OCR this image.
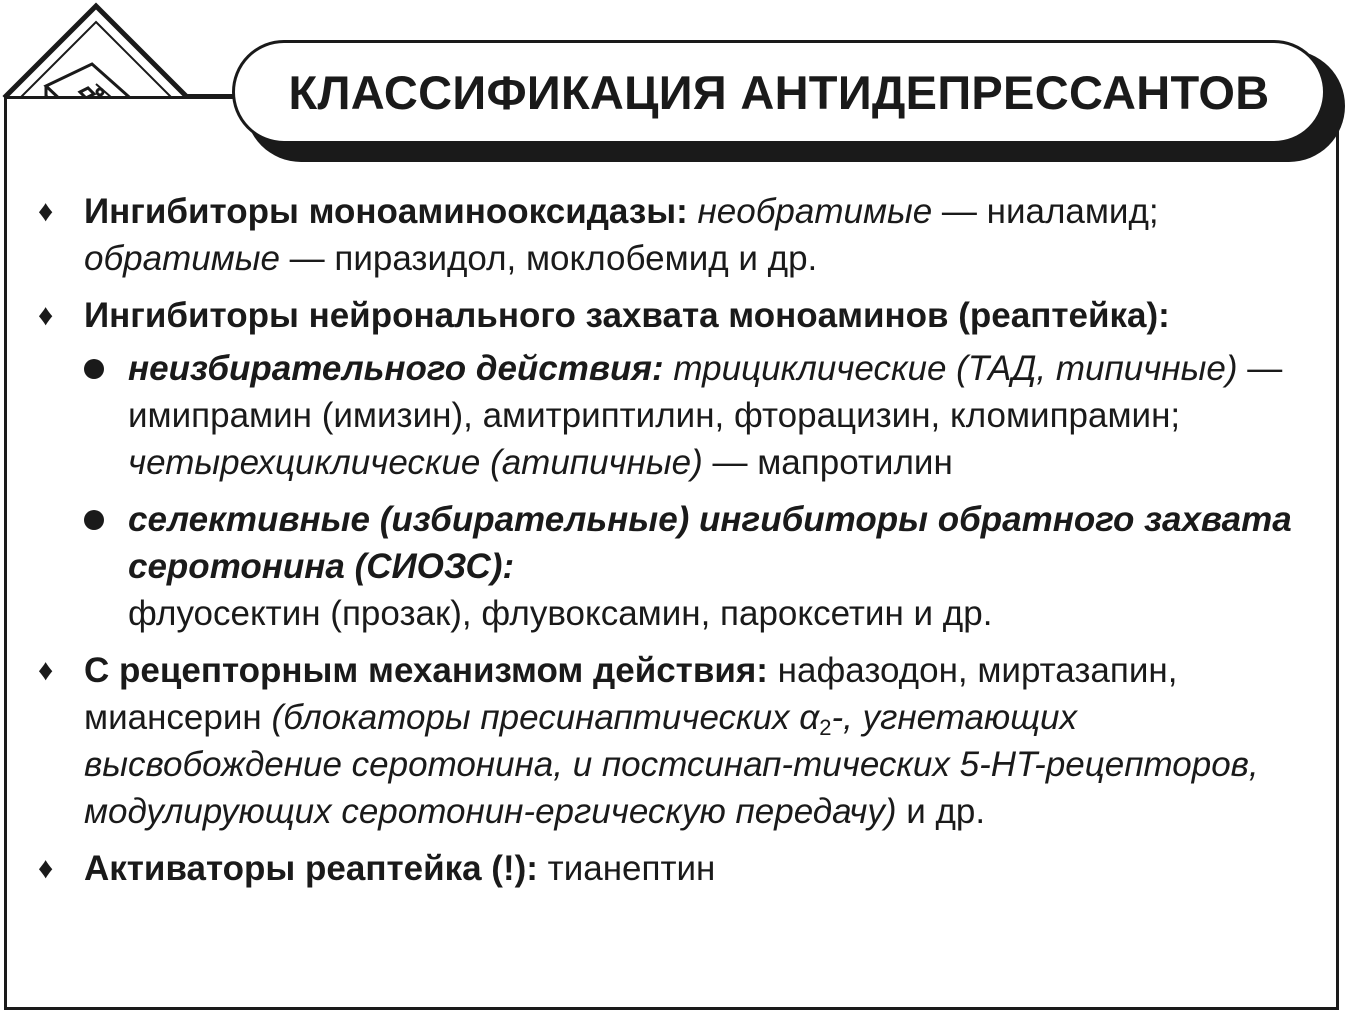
КЛАССИФИКАЦИЯ АНТИДЕПРЕССАНТОВ
♦ Ингибиторы моноаминооксидазы: необратимые — ниаламид; обратимые — пиразидол, моклобемид и др.
♦ Ингибиторы нейронального захвата моноаминов (реаптейка):
неизбирательного действия: трициклические (ТАД, типичные) — имипрамин (имизин), амитриптилин, фторацизин, кломипрамин; четырехциклические (атипичные) — мапротилин
селективные (избирательные) ингибиторы обратного захвата серотонина (СИОЗС):
флуосектин (прозак), флувоксамин, пароксетин и др.
♦ С рецепторным механизмом действия: нафазодон, миртазапин, миансерин (блокаторы пресинаптических $\alpha_2-$, угнетающих высвобождение серотонина, и постсинап-тических 5-HT-рецепторов, модулирующих серотонин-ергическую передачу) и др.
♦ Активаторы реаптейка (!): тианептин
